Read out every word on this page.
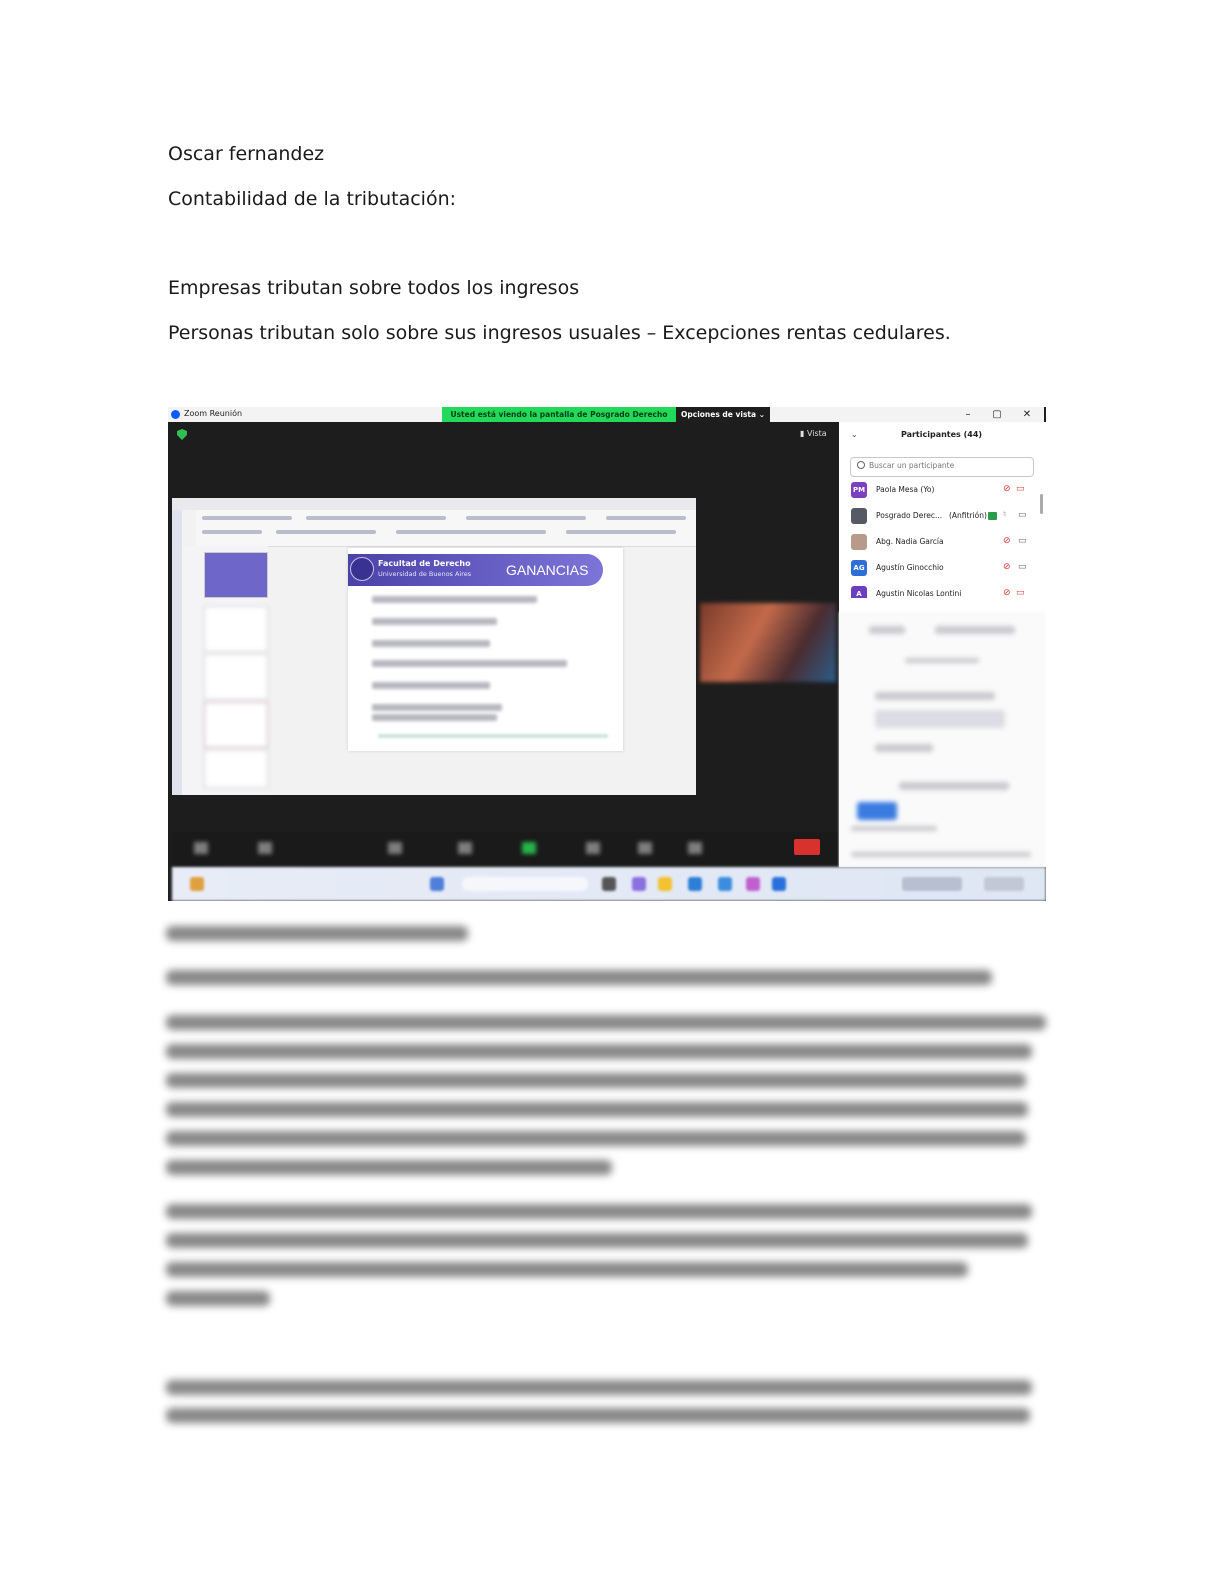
Oscar fernandez
Contabilidad de la tributación:
Empresas tributan sobre todos los ingresos
Personas tributan solo sobre sus ingresos usuales – Excepciones rentas cedulares.
Zoom Reunión	Usted está viendo la pantalla de Posgrado Derecho	Opciones de vista ⌄	–	▢	✕
▮ Vista
Facultad de Derecho
Universidad de Buenos Aires GANANCIAS
⌄	Participantes (44)
Buscar un participante
PM Paola Mesa (Yo)	⊘ ▭
Posgrado Derec... (Anfitrión) ♮ ▭
Abg. Nadia García	⊘ ▭
AG	Agustín Ginocchio	⊘ ▭
A	Agustin Nicolas Lontini	⊘ ▭
